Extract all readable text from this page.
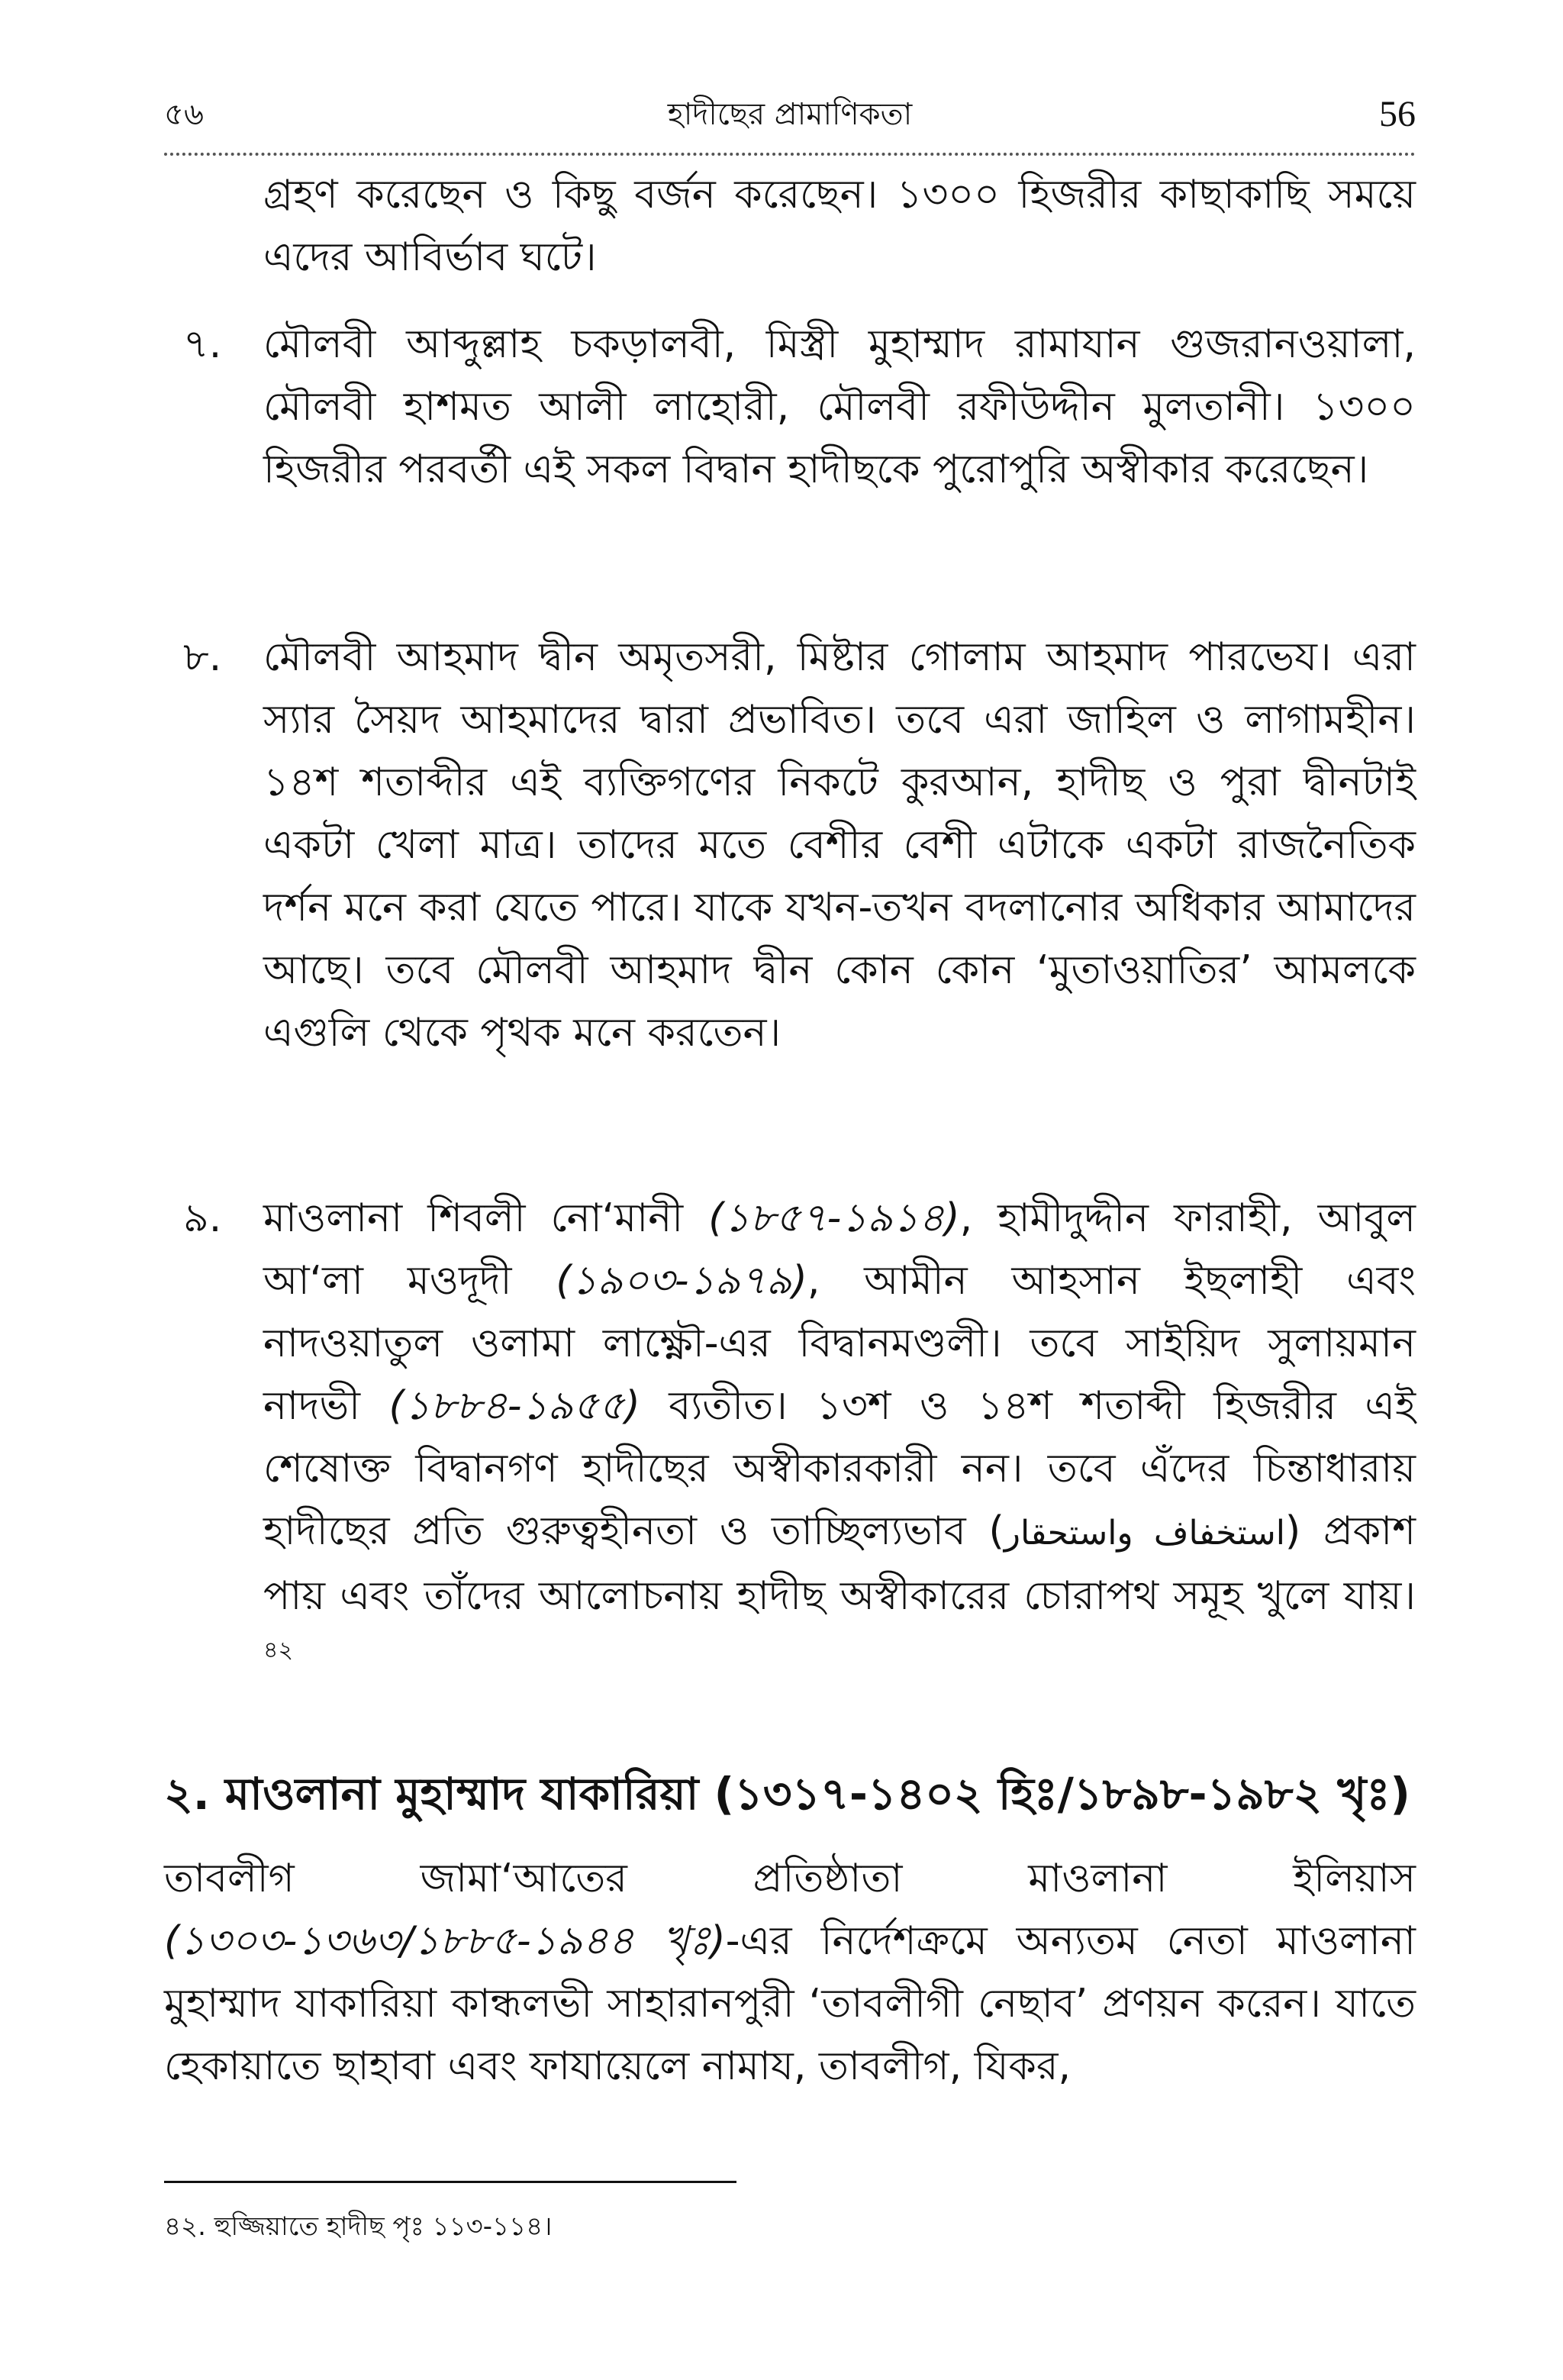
৫৬	হাদীছের প্রামাণিকতা	56
গ্রহণ করেছেন ও কিছু বর্জন করেছেন। ১৩০০ হিজরীর কাছাকাছি সময়ে এদের আবির্ভাব ঘটে।
৭. মৌলবী আব্দুল্লাহ চকড়ালবী, মিস্ত্রী মুহাম্মাদ রামাযান গুজরানওয়ালা, মৌলবী হাশমত আলী লাহোরী, মৌলবী রফীউদ্দীন মুলতানী। ১৩০০ হিজরীর পরবর্তী এই সকল বিদ্বান হাদীছকে পুরোপুরি অস্বীকার করেছেন।
৮. মৌলবী আহমাদ দ্বীন অমৃতসরী, মিষ্টার গোলাম আহমাদ পারভেয। এরা স্যার সৈয়দ আহমাদের দ্বারা প্রভাবিত। তবে এরা জাহিল ও লাগামহীন। ১৪শ শতাব্দীর এই ব্যক্তিগণের নিকটে কুরআন, হাদীছ ও পুরা দ্বীনটাই একটা খেলা মাত্র। তাদের মতে বেশীর বেশী এটাকে একটা রাজনৈতিক দর্শন মনে করা যেতে পারে। যাকে যখন-তখন বদলানোর অধিকার আমাদের আছে। তবে মৌলবী আহমাদ দ্বীন কোন কোন ‘মুতাওয়াতির’ আমলকে এগুলি থেকে পৃথক মনে করতেন।
৯. মাওলানা শিবলী নো‘মানী (১৮৫৭-১৯১৪), হামীদুদ্দীন ফারাহী, আবুল আ‘লা মওদূদী (১৯০৩-১৯৭৯), আমীন আহসান ইছলাহী এবং নাদওয়াতুল ওলামা লাক্ষ্ণৌ-এর বিদ্বানমণ্ডলী। তবে সাইয়িদ সুলায়মান নাদভী (১৮৮৪-১৯৫৫) ব্যতীত। ১৩শ ও ১৪শ শতাব্দী হিজরীর এই শেষোক্ত বিদ্বানগণ হাদীছের অস্বীকারকারী নন। তবে এঁদের চিন্তাধারায় হাদীছের প্রতি গুরুত্বহীনতা ও তাচ্ছিল্যভাব (استخفاف واستحقار) প্রকাশ পায় এবং তাঁদের আলোচনায় হাদীছ অস্বীকারের চোরাপথ সমূহ খুলে যায়।$^{৪২}$
২. মাওলানা মুহাম্মাদ যাকারিয়া (১৩১৭-১৪০২ হিঃ/১৮৯৮-১৯৮২ খৃঃ)
তাবলীগ জামা‘আতের প্রতিষ্ঠাতা মাওলানা ইলিয়াস (১৩০৩-১৩৬৩/১৮৮৫-১৯৪৪ খৃঃ)-এর নির্দেশক্রমে অন্যতম নেতা মাওলানা মুহাম্মাদ যাকারিয়া কান্ধলভী সাহারানপুরী ‘তাবলীগী নেছাব’ প্রণয়ন করেন। যাতে হেকায়াতে ছাহাবা এবং ফাযায়েলে নামায, তাবলীগ, যিকর,
৪২. হুজ্জিয়াতে হাদীছ পৃঃ ১১৩-১১৪।
